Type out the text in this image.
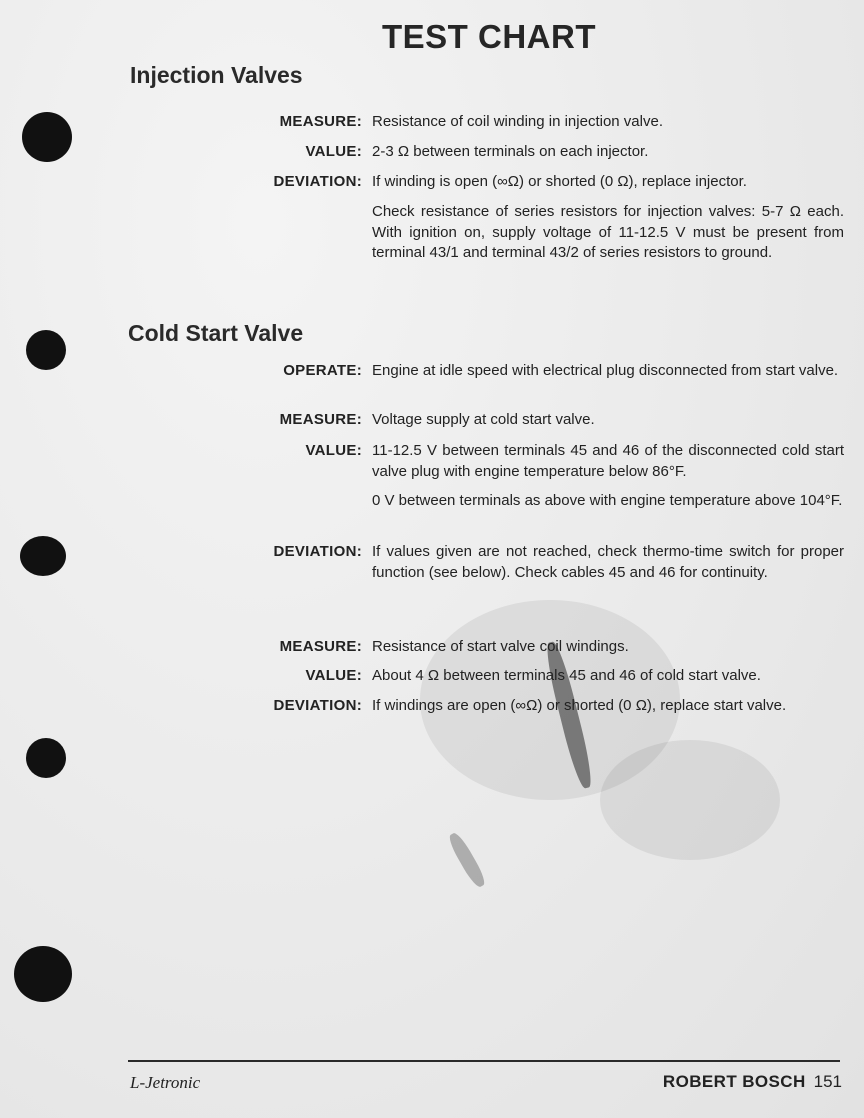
TEST CHART
Injection Valves
MEASURE: Resistance of coil winding in injection valve.
VALUE: 2-3 Ω between terminals on each injector.
DEVIATION: If winding is open (∞Ω) or shorted (0 Ω), replace injector.
Check resistance of series resistors for injection valves: 5-7 Ω each. With ignition on, supply voltage of 11-12.5 V must be present from terminal 43/1 and terminal 43/2 of series resistors to ground.
Cold Start Valve
OPERATE: Engine at idle speed with electrical plug disconnected from start valve.
MEASURE: Voltage supply at cold start valve.
VALUE: 11-12.5 V between terminals 45 and 46 of the disconnected cold start valve plug with engine temperature below 86°F.
0 V between terminals as above with engine temperature above 104°F.
DEVIATION: If values given are not reached, check thermo-time switch for proper function (see below). Check cables 45 and 46 for continuity.
MEASURE: Resistance of start valve coil windings.
VALUE: About 4 Ω between terminals 45 and 46 of cold start valve.
DEVIATION: If windings are open (∞Ω) or shorted (0 Ω), replace start valve.
L-Jetronic	ROBERT BOSCH 151
